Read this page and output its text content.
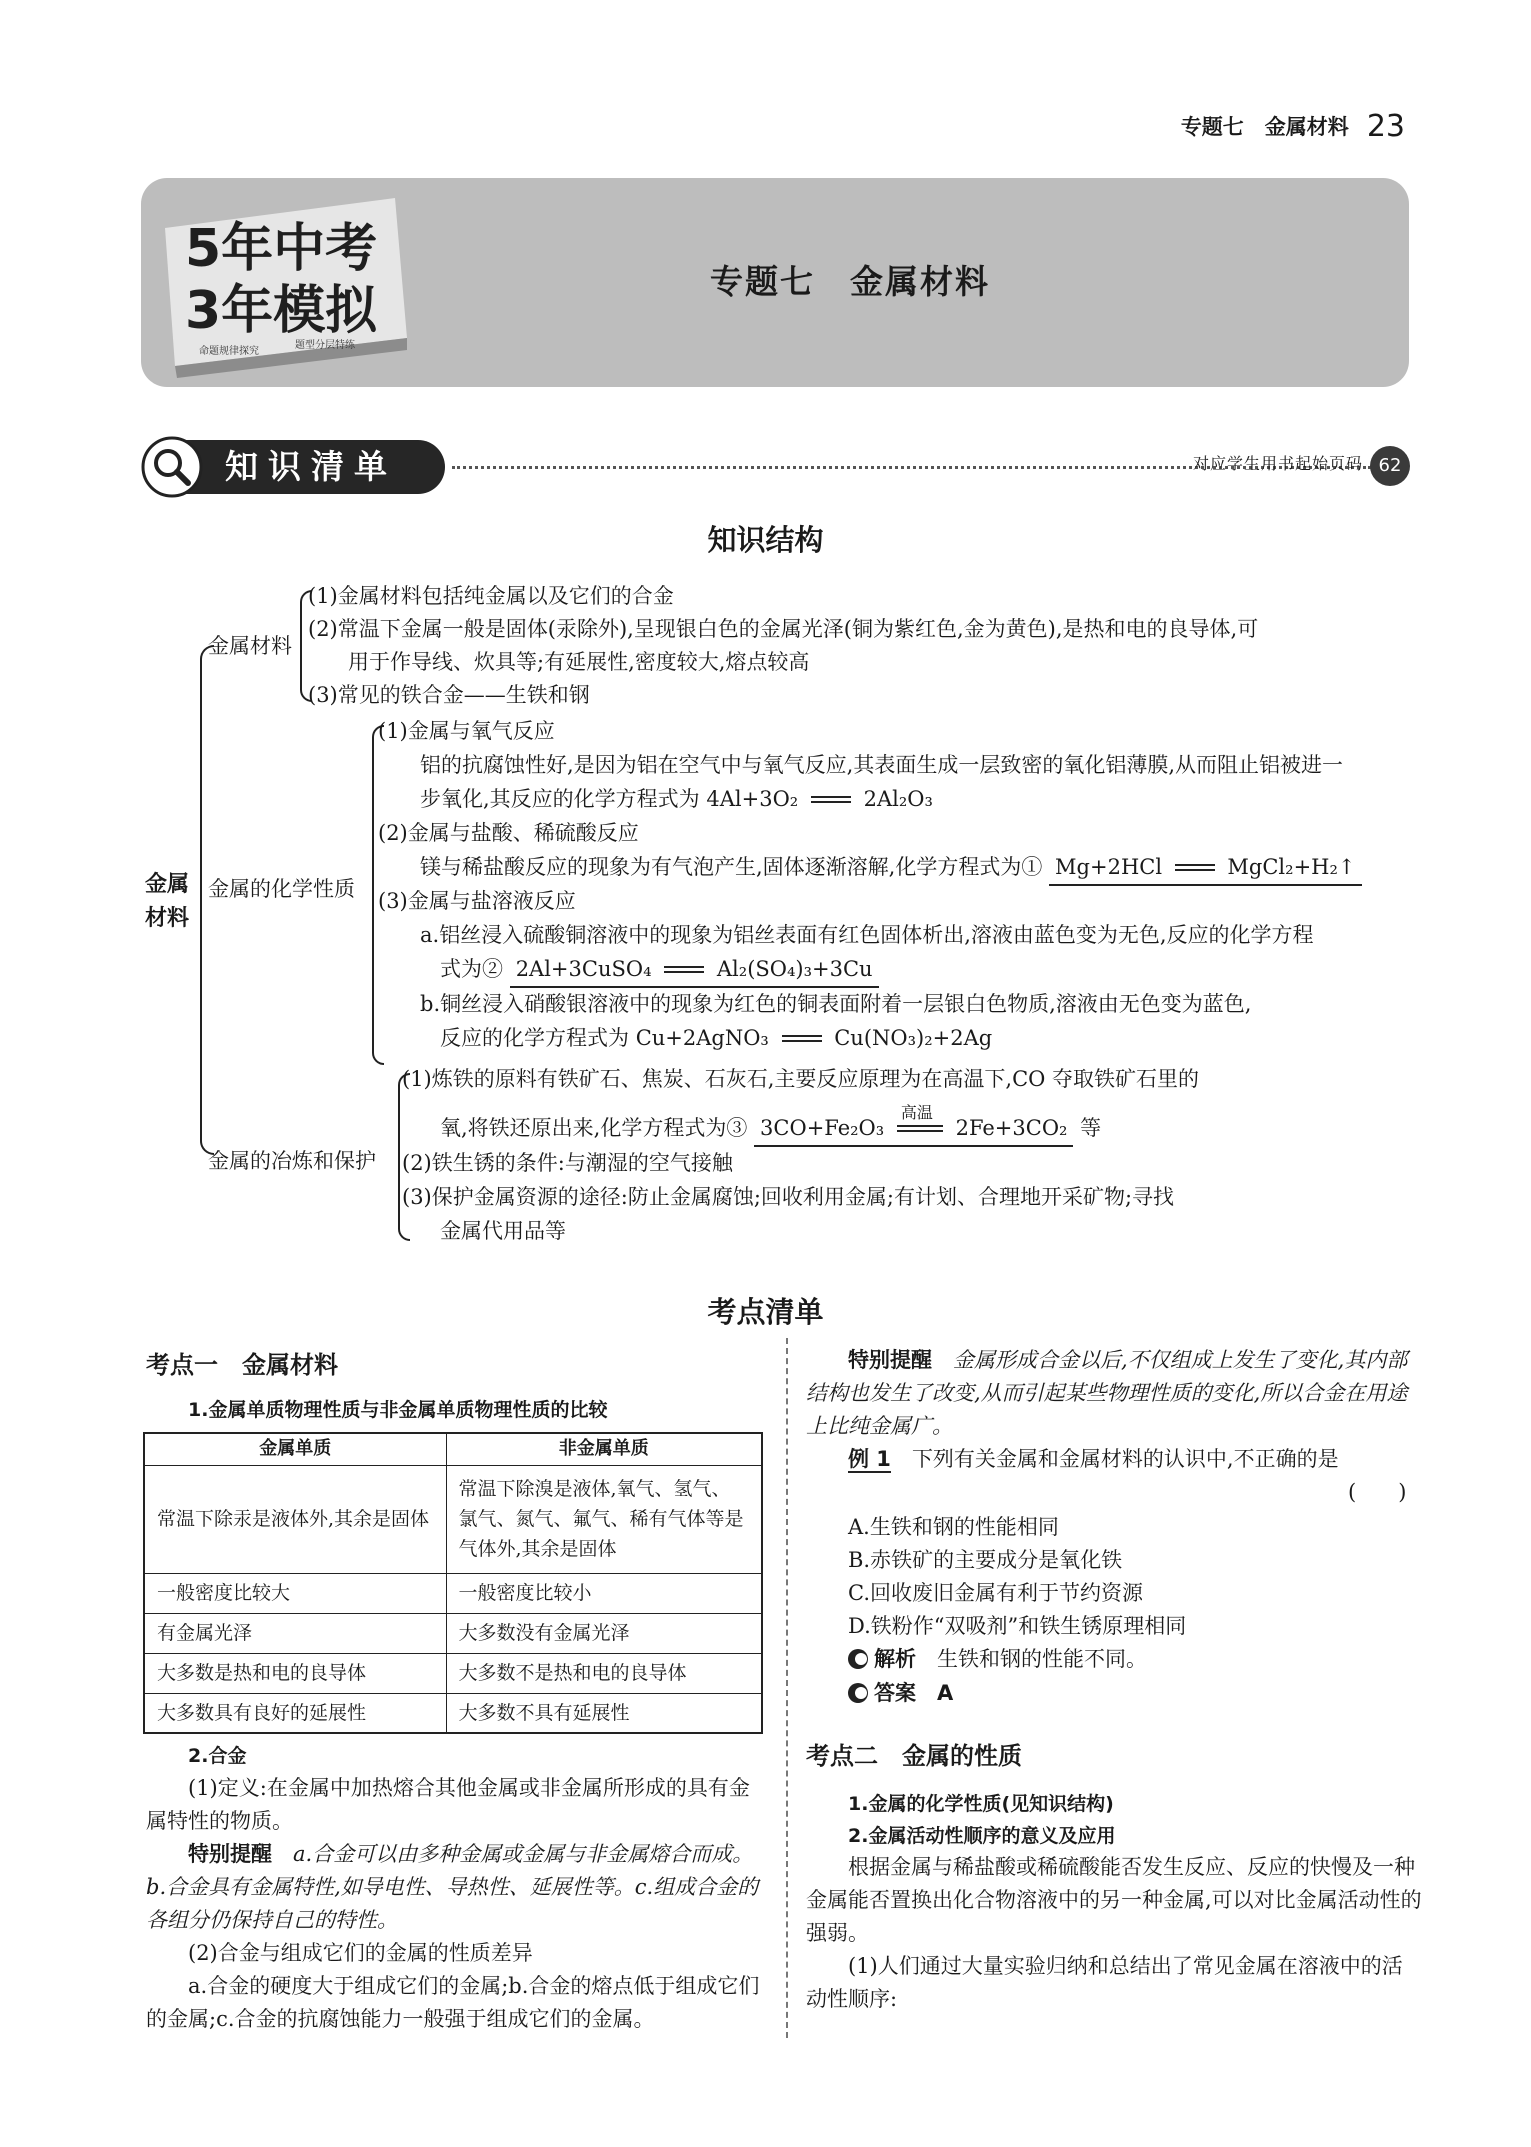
专题七　金属材料 23
5年中考
3年模拟
命题规律探究
题型分层特练
专题七　金属材料
知识清单	对应学生用书起始页码 62
知识结构
金属
材料
金属材料
(1)金属材料包括纯金属以及它们的合金
(2)常温下金属一般是固体(汞除外),呈现银白色的金属光泽(铜为紫红色,金为黄色),是热和电的良导体,可
用于作导线、炊具等;有延展性,密度较大,熔点较高
(3)常见的铁合金——生铁和钢
金属的化学性质
(1)金属与氧气反应
铝的抗腐蚀性好,是因为铝在空气中与氧气反应,其表面生成一层致密的氧化铝薄膜,从而阻止铝被进一
步氧化,其反应的化学方程式为 4Al+3O₂	2Al₂O₃
(2)金属与盐酸、稀硫酸反应
镁与稀盐酸反应的现象为有气泡产生,固体逐渐溶解,化学方程式为① Mg+2HCl	MgCl₂+H₂↑
(3)金属与盐溶液反应
a.铝丝浸入硫酸铜溶液中的现象为铝丝表面有红色固体析出,溶液由蓝色变为无色,反应的化学方程
式为② 2Al+3CuSO₄	Al₂(SO₄)₃+3Cu
b.铜丝浸入硝酸银溶液中的现象为红色的铜表面附着一层银白色物质,溶液由无色变为蓝色,
反应的化学方程式为 Cu+2AgNO₃	Cu(NO₃)₂+2Ag
金属的冶炼和保护
(1)炼铁的原料有铁矿石、焦炭、石灰石,主要反应原理为在高温下,CO 夺取铁矿石里的
氧,将铁还原出来,化学方程式为③ 3CO+Fe₂O₃
高温
2Fe+3CO₂ 等
(2)铁生锈的条件:与潮湿的空气接触
(3)保护金属资源的途径:防止金属腐蚀;回收利用金属;有计划、合理地开采矿物;寻找
金属代用品等
考点清单
考点一　金属材料
1.金属单质物理性质与非金属单质物理性质的比较
金属单质	非金属单质
常温下除汞是液体外,其余是固体	常温下除溴是液体,氧气、氢气、氯气、氮气、氟气、稀有气体等是气体外,其余是固体
一般密度比较大	一般密度比较小
有金属光泽	大多数没有金属光泽
大多数是热和电的良导体	大多数不是热和电的良导体
大多数具有良好的延展性	大多数不具有延展性
2.合金
(1)定义:在金属中加热熔合其他金属或非金属所形成的具有金属特性的物质。
特别提醒　 a.合金可以由多种金属或金属与非金属熔合而成。b.合金具有金属特性,如导电性、导热性、延展性等。c.组成合金的各组分仍保持自己的特性。
(2)合金与组成它们的金属的性质差异
a.合金的硬度大于组成它们的金属;b.合金的熔点低于组成它们的金属;c.合金的抗腐蚀能力一般强于组成它们的金属。
特别提醒　 金属形成合金以后,不仅组成上发生了变化,其内部结构也发生了改变,从而引起某些物理性质的变化,所以合金在用途上比纯金属广。
例 1　 下列有关金属和金属材料的认识中,不正确的是
(　　)
A.生铁和钢的性能相同
B.赤铁矿的主要成分是氧化铁
C.回收废旧金属有利于节约资源
D.铁粉作“双吸剂”和铁生锈原理相同
解析　 生铁和钢的性能不同。
答案　 A
考点二　金属的性质
1.金属的化学性质(见知识结构)
2.金属活动性顺序的意义及应用
根据金属与稀盐酸或稀硫酸能否发生反应、反应的快慢及一种金属能否置换出化合物溶液中的另一种金属,可以对比金属活动性的强弱。
(1)人们通过大量实验归纳和总结出了常见金属在溶液中的活动性顺序:
